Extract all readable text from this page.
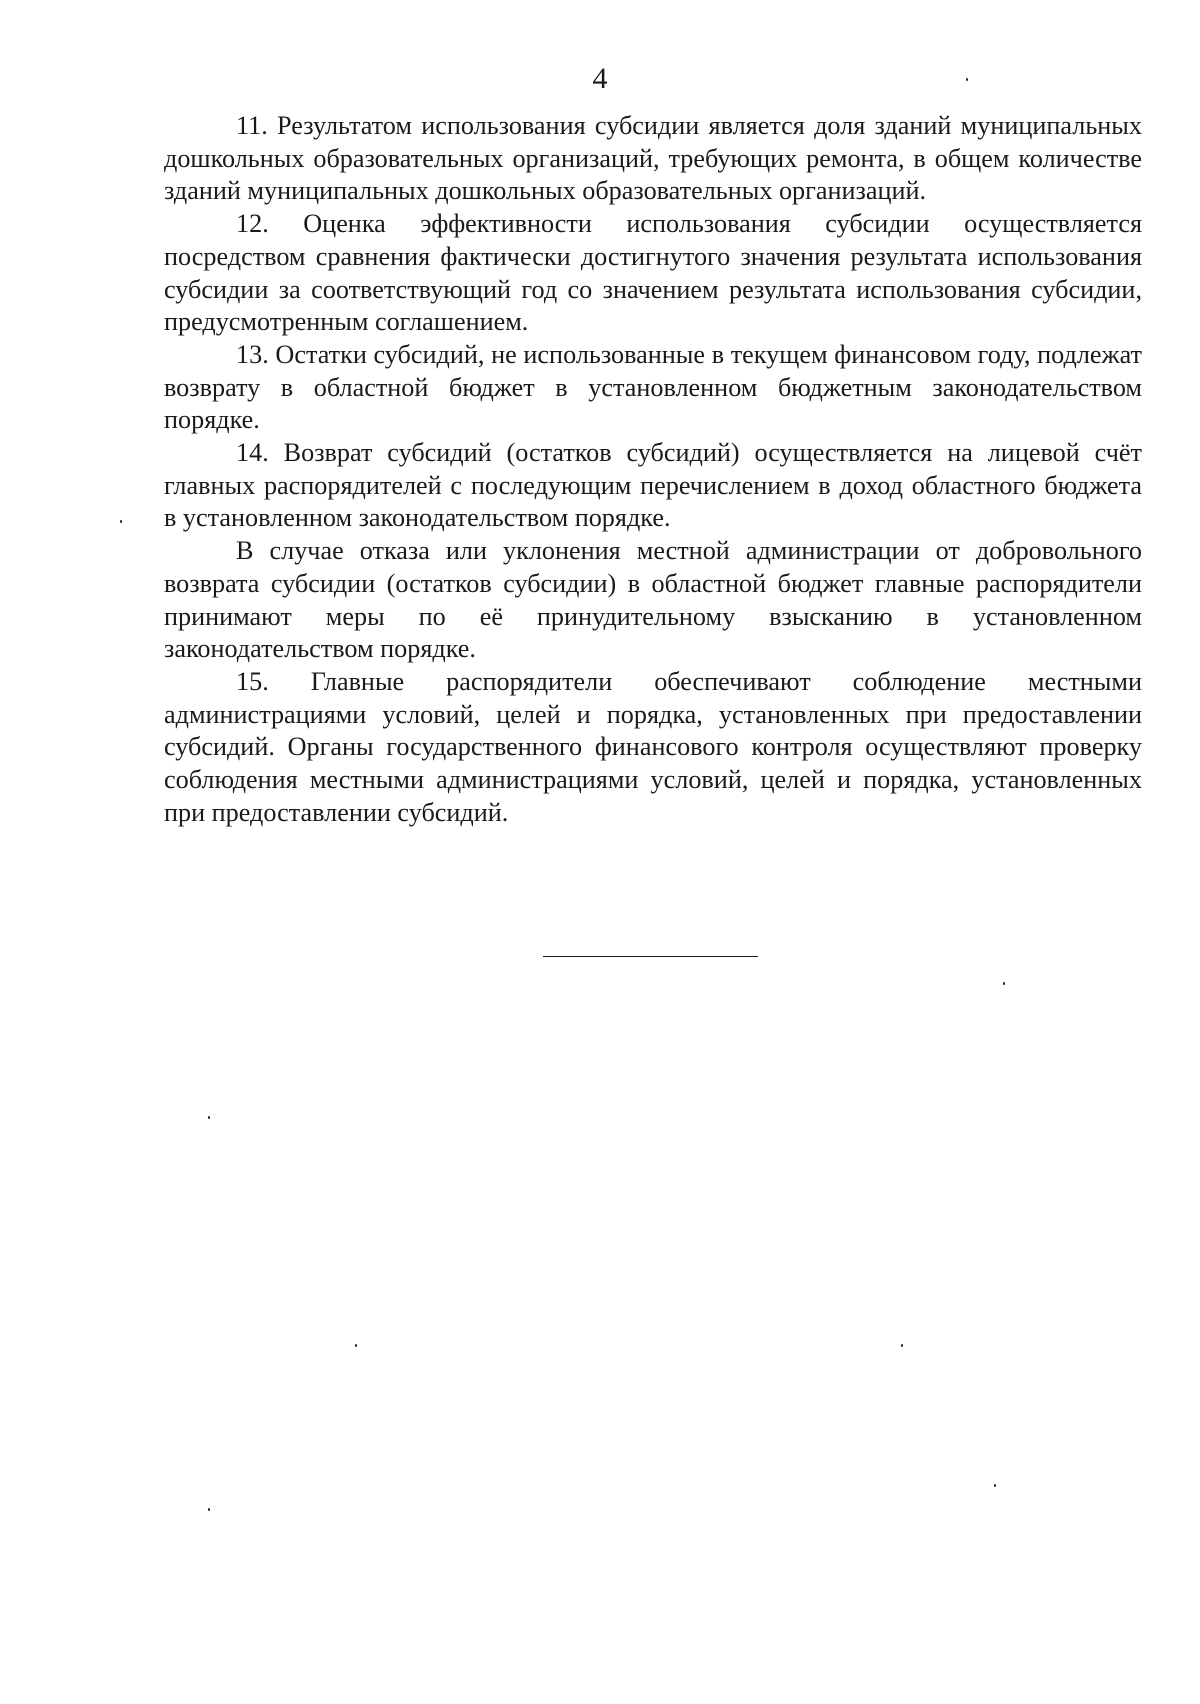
4

11. Результатом использования субсидии является доля зданий муниципальных дошкольных образовательных организаций, требующих ремонта, в общем количестве зданий муниципальных дошкольных образовательных организаций.

12. Оценка эффективности использования субсидии осуществляется посредством сравнения фактически достигнутого значения результата использования субсидии за соответствующий год со значением результата использования субсидии, предусмотренным соглашением.

13. Остатки субсидий, не использованные в текущем финансовом году, подлежат возврату в областной бюджет в установленном бюджетным законодательством порядке.

14. Возврат субсидий (остатков субсидий) осуществляется на лицевой счёт главных распорядителей с последующим перечислением в доход областного бюджета в установленном законодательством порядке.

В случае отказа или уклонения местной администрации от добровольного возврата субсидии (остатков субсидии) в областной бюджет главные распорядители принимают меры по её принудительному взысканию в установленном законодательством порядке.

15. Главные распорядители обеспечивают соблюдение местными администрациями условий, целей и порядка, установленных при предоставлении субсидий. Органы государственного финансового контроля осуществляют проверку соблюдения местными администрациями условий, целей и порядка, установленных при предоставлении субсидий.
